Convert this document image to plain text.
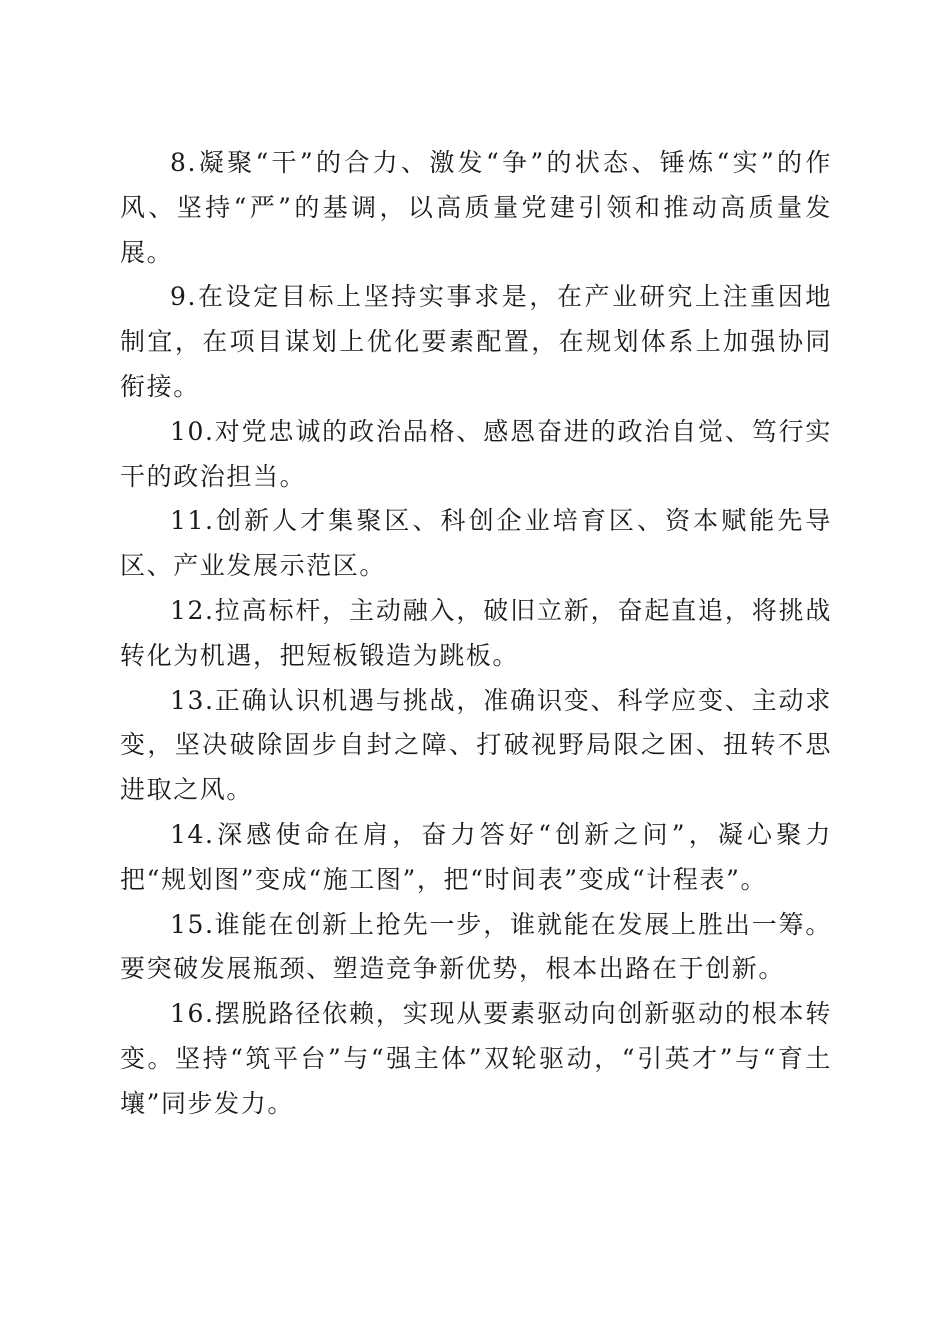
8.凝聚“干”的合力、激发“争”的状态、锤炼“实”的作风、坚持“严”的基调，以高质量党建引领和推动高质量发展。

9.在设定目标上坚持实事求是，在产业研究上注重因地制宜，在项目谋划上优化要素配置，在规划体系上加强协同衔接。

10.对党忠诚的政治品格、感恩奋进的政治自觉、笃行实干的政治担当。

11.创新人才集聚区、科创企业培育区、资本赋能先导区、产业发展示范区。

12.拉高标杆，主动融入，破旧立新，奋起直追，将挑战转化为机遇，把短板锻造为跳板。

13.正确认识机遇与挑战，准确识变、科学应变、主动求变，坚决破除固步自封之障、打破视野局限之困、扭转不思进取之风。

14.深感使命在肩，奋力答好“创新之问”，凝心聚力把“规划图”变成“施工图”，把“时间表”变成“计程表”。

15.谁能在创新上抢先一步，谁就能在发展上胜出一筹。要突破发展瓶颈、塑造竞争新优势，根本出路在于创新。

16.摆脱路径依赖，实现从要素驱动向创新驱动的根本转变。坚持“筑平台”与“强主体”双轮驱动，“引英才”与“育土壤”同步发力。
